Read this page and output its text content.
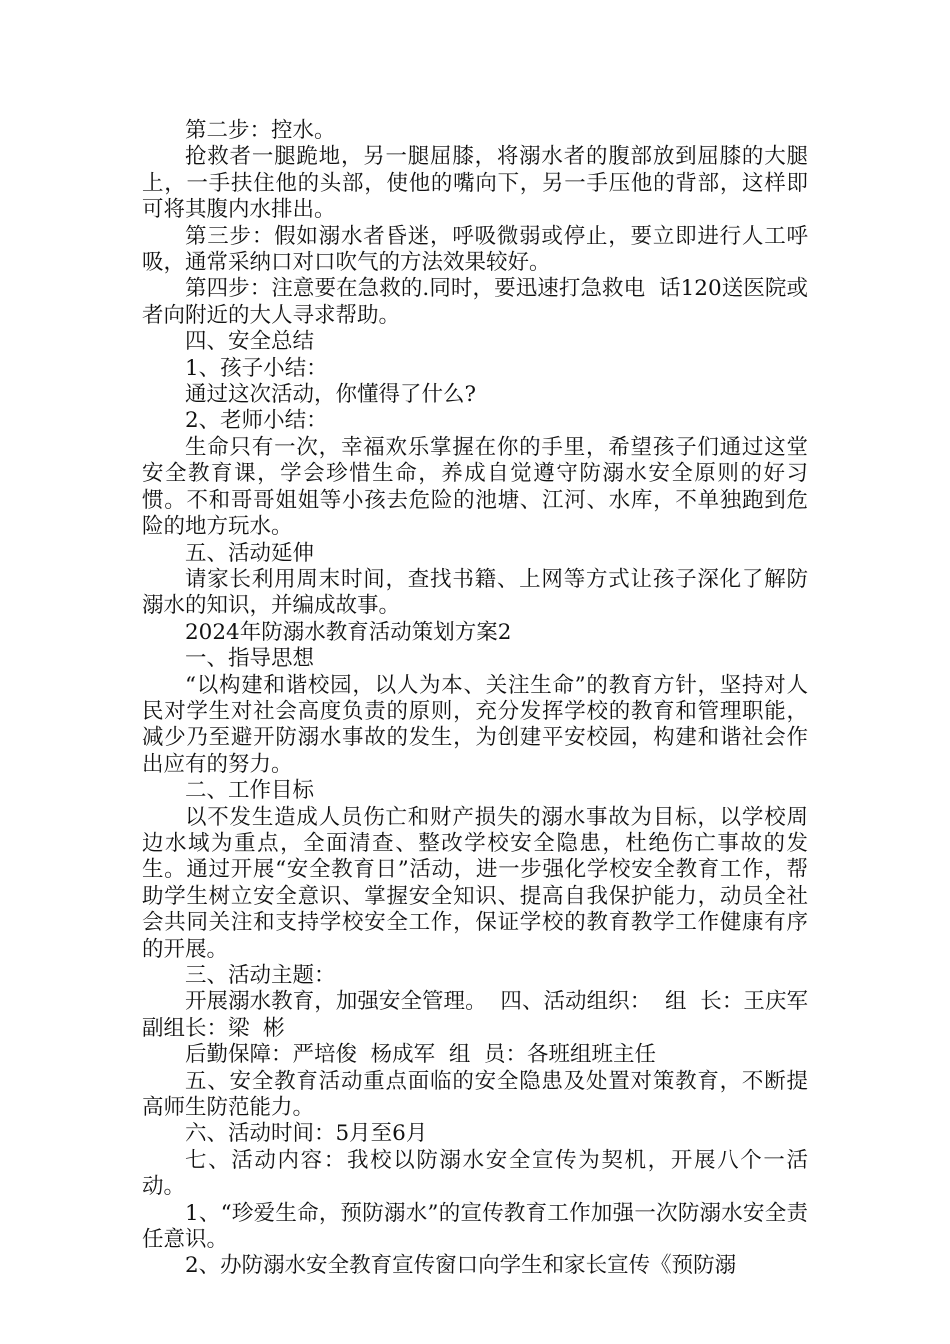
第二步：控水。

抢救者一腿跪地，另一腿屈膝，将溺水者的腹部放到屈膝的大腿上，一手扶住他的头部，使他的嘴向下，另一手压他的背部，这样即可将其腹内水排出。

第三步：假如溺水者昏迷，呼吸微弱或停止，要立即进行人工呼吸，通常采纳口对口吹气的方法效果较好。

第四步：注意要在急救的.同时，要迅速打急救电  话120送医院或者向附近的大人寻求帮助。

四、安全总结

1、孩子小结：

通过这次活动，你懂得了什么?

2、老师小结：

生命只有一次，幸福欢乐掌握在你的手里，希望孩子们通过这堂安全教育课，学会珍惜生命，养成自觉遵守防溺水安全原则的好习惯。不和哥哥姐姐等小孩去危险的池塘、江河、水库，不单独跑到危险的地方玩水。

五、活动延伸

请家长利用周末时间，查找书籍、上网等方式让孩子深化了解防溺水的知识，并编成故事。

2024年防溺水教育活动策划方案2

一、指导思想

“以构建和谐校园，以人为本、关注生命”的教育方针，坚持对人民对学生对社会高度负责的原则，充分发挥学校的教育和管理职能，减少乃至避开防溺水事故的发生，为创建平安校园，构建和谐社会作出应有的努力。

二、工作目标

以不发生造成人员伤亡和财产损失的溺水事故为目标，以学校周边水域为重点，全面清查、整改学校安全隐患，杜绝伤亡事故的发生。通过开展“安全教育日”活动，进一步强化学校安全教育工作，帮助学生树立安全意识、掌握安全知识、提高自我保护能力，动员全社会共同关注和支持学校安全工作，保证学校的教育教学工作健康有序的开展。

三、活动主题：

开展溺水教育，加强安全管理。  四、活动组织：  组  长：王庆军  副组长：梁  彬

后勤保障：严培俊  杨成军  组  员：各班组班主任

五、安全教育活动重点面临的安全隐患及处置对策教育，不断提高师生防范能力。

六、活动时间：5月至6月

七、活动内容：我校以防溺水安全宣传为契机，开展八个一活动。

1、“珍爱生命，预防溺水”的宣传教育工作加强一次防溺水安全责任意识。

2、办防溺水安全教育宣传窗口向学生和家长宣传《预防溺
